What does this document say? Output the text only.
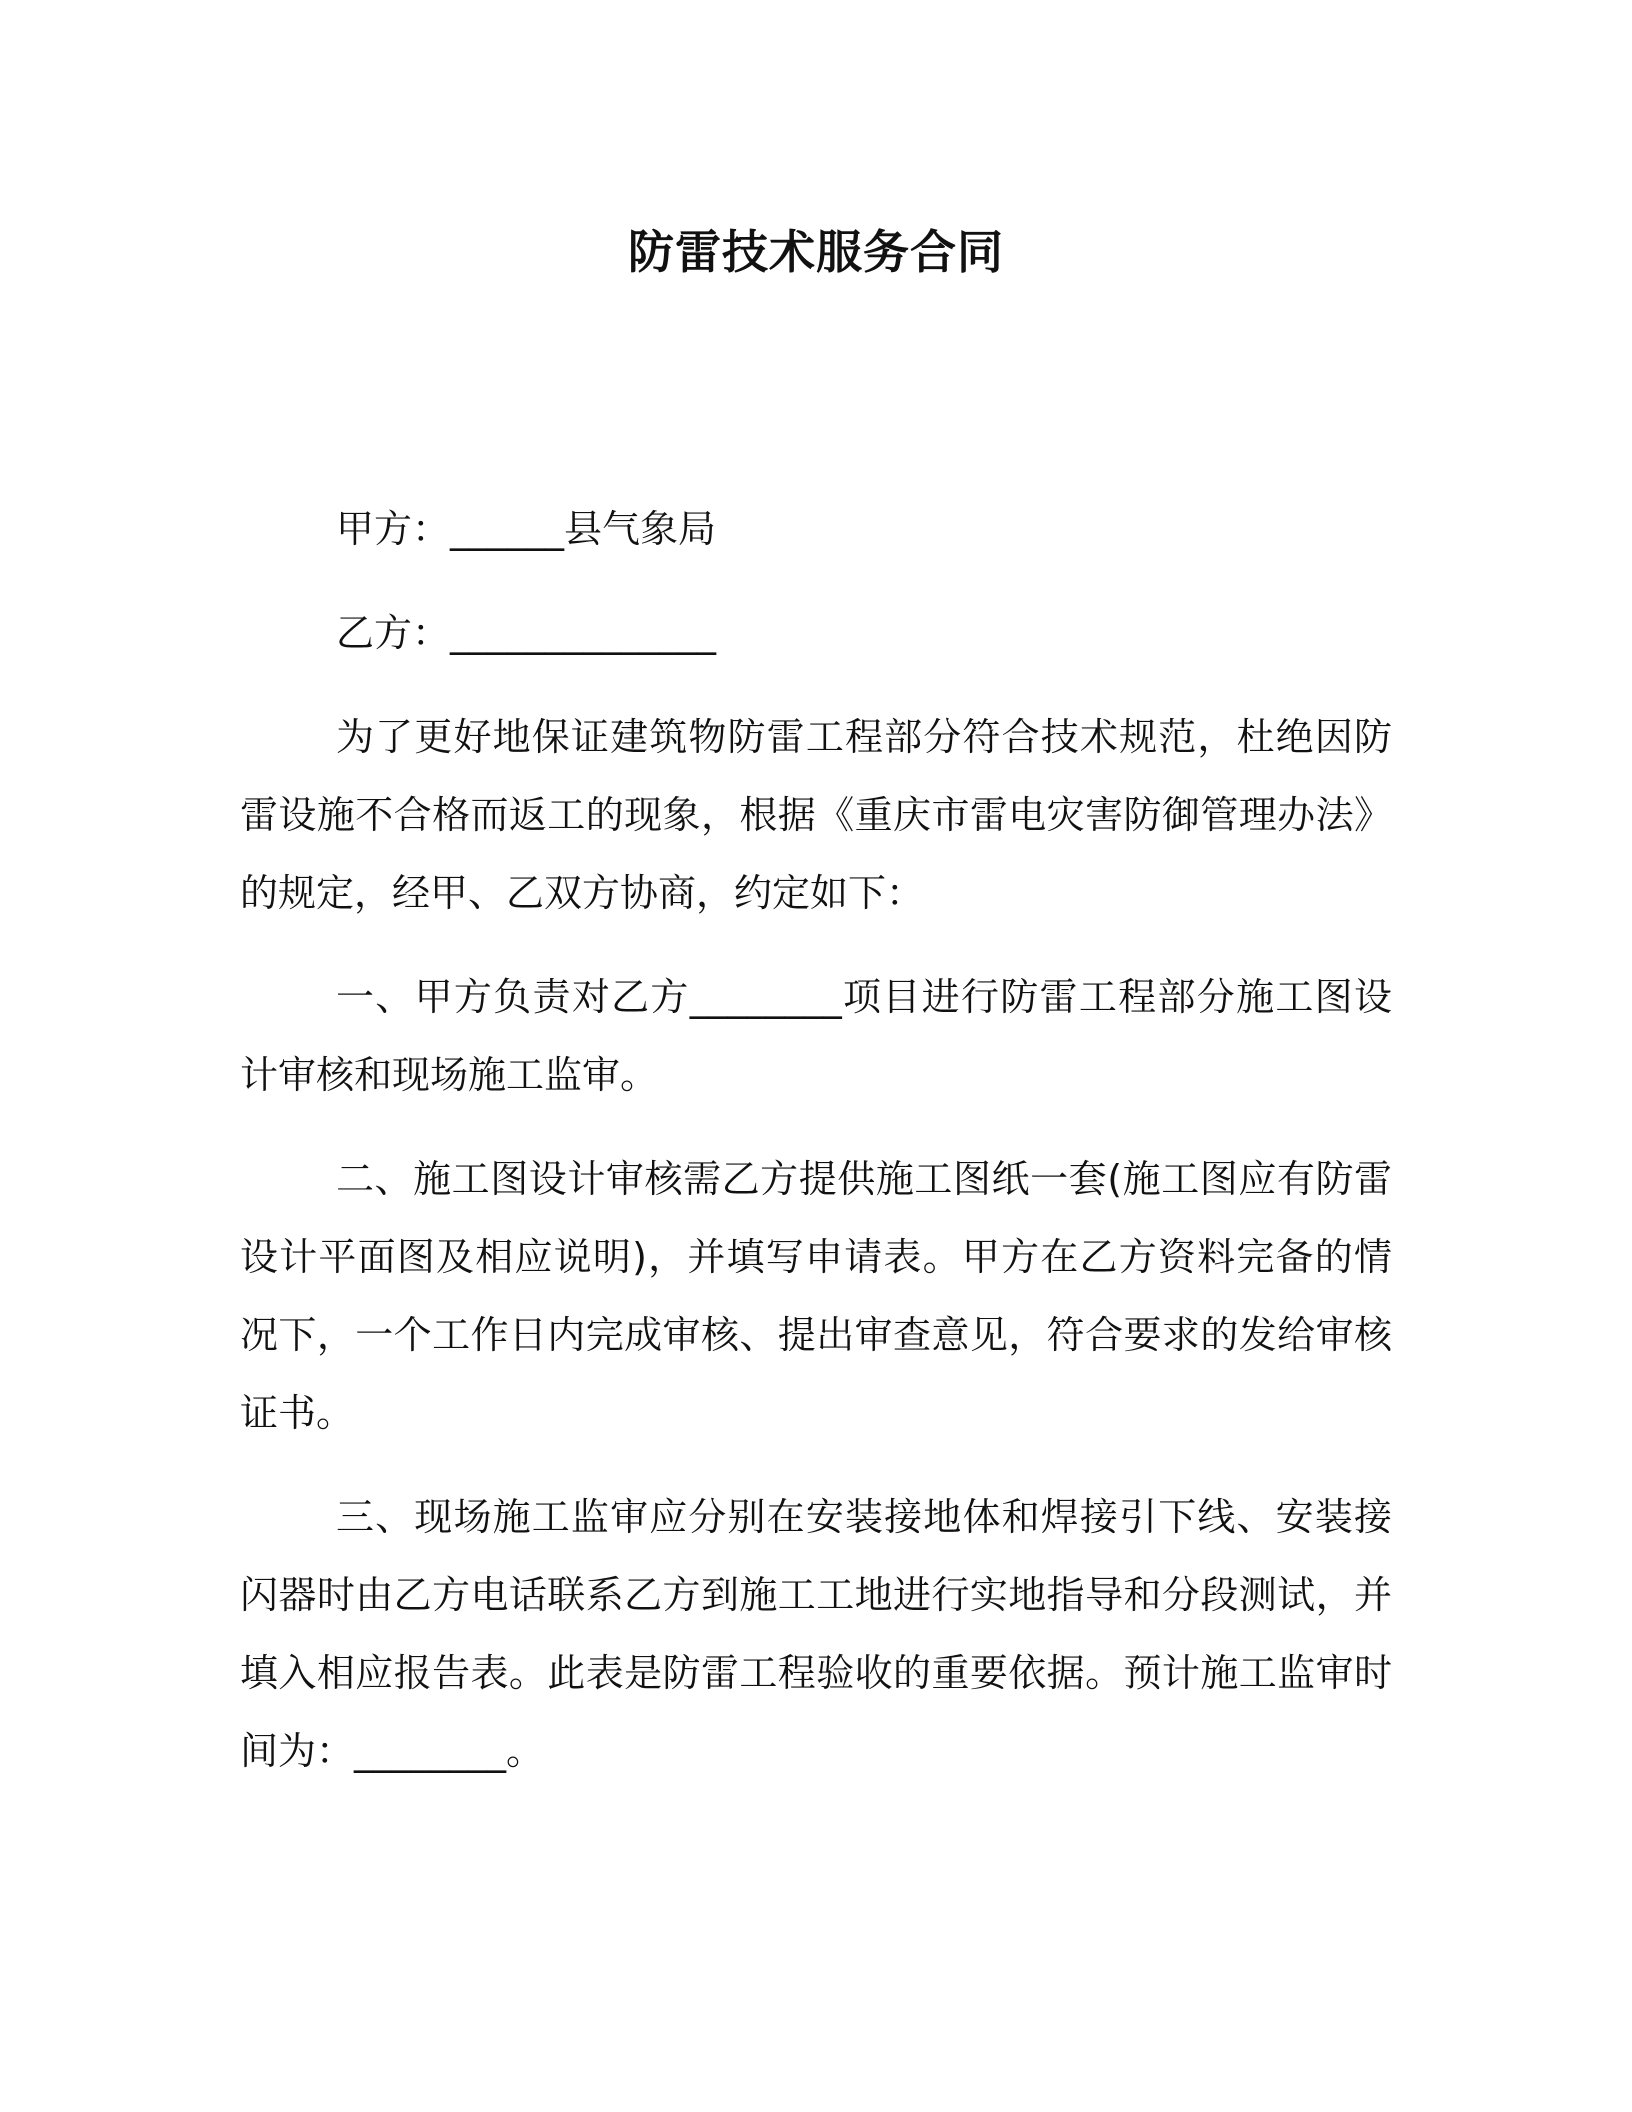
防雷技术服务合同

甲方：______县气象局

乙方：______________

为了更好地保证建筑物防雷工程部分符合技术规范，杜绝因防雷设施不合格而返工的现象，根据《重庆市雷电灾害防御管理办法》的规定，经甲、乙双方协商，约定如下：

一、甲方负责对乙方________项目进行防雷工程部分施工图设计审核和现场施工监审。

二、施工图设计审核需乙方提供施工图纸一套(施工图应有防雷设计平面图及相应说明)，并填写申请表。甲方在乙方资料完备的情况下，一个工作日内完成审核、提出审查意见，符合要求的发给审核证书。

三、现场施工监审应分别在安装接地体和焊接引下线、安装接闪器时由乙方电话联系乙方到施工工地进行实地指导和分段测试，并填入相应报告表。此表是防雷工程验收的重要依据。预计施工监审时间为：________。
